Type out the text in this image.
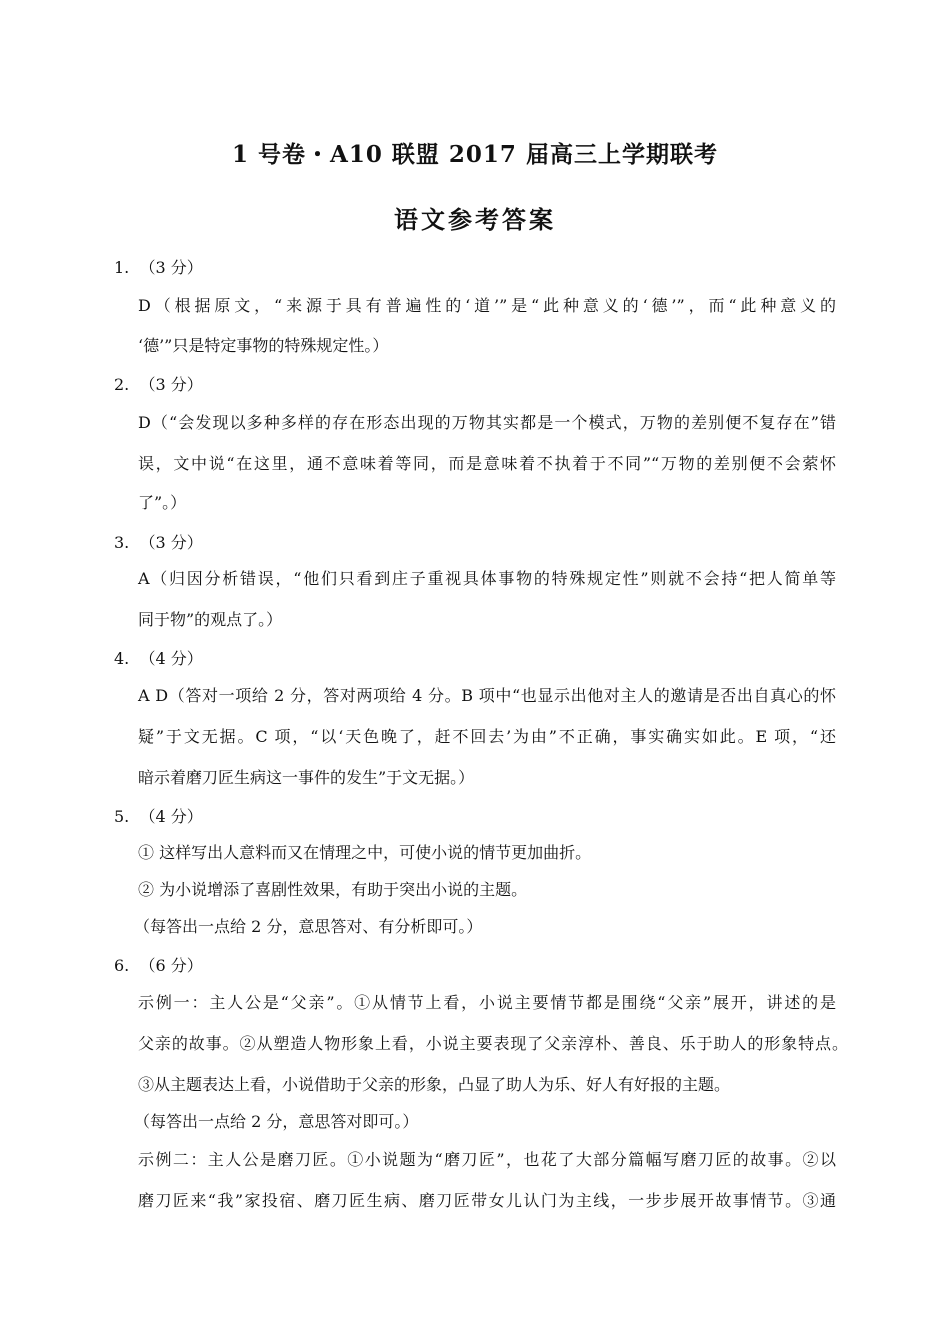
1 号卷・A10 联盟 2017 届高三上学期联考
语文参考答案
1. （3 分）
D（根据原文，“来源于具有普遍性的‘道’”是“此种意义的‘德’”，而“此种意义的
‘德’”只是特定事物的特殊规定性。）
2. （3 分）
D（“会发现以多种多样的存在形态出现的万物其实都是一个模式，万物的差别便不复存在”错
误，文中说“在这里，通不意味着等同，而是意味着不执着于不同”“万物的差别便不会萦怀
了”。）
3. （3 分）
A（归因分析错误，“他们只看到庄子重视具体事物的特殊规定性”则就不会持“把人简单等
同于物”的观点了。）
4. （4 分）
A D（答对一项给 2 分，答对两项给 4 分。B 项中“也显示出他对主人的邀请是否出自真心的怀
疑”于文无据。C 项，“以‘天色晚了，赶不回去’为由”不正确，事实确实如此。E 项，“还
暗示着磨刀匠生病这一事件的发生”于文无据。）
5. （4 分）
① 这样写出人意料而又在情理之中，可使小说的情节更加曲折。
② 为小说增添了喜剧性效果，有助于突出小说的主题。
（每答出一点给 2 分，意思答对、有分析即可。）
6. （6 分）
示例一：主人公是“父亲”。①从情节上看，小说主要情节都是围绕“父亲”展开，讲述的是
父亲的故事。②从塑造人物形象上看，小说主要表现了父亲淳朴、善良、乐于助人的形象特点。
③从主题表达上看，小说借助于父亲的形象，凸显了助人为乐、好人有好报的主题。
（每答出一点给 2 分，意思答对即可。）
示例二：主人公是磨刀匠。①小说题为“磨刀匠”，也花了大部分篇幅写磨刀匠的故事。②以
磨刀匠来“我”家投宿、磨刀匠生病、磨刀匠带女儿认门为主线，一步步展开故事情节。③通
